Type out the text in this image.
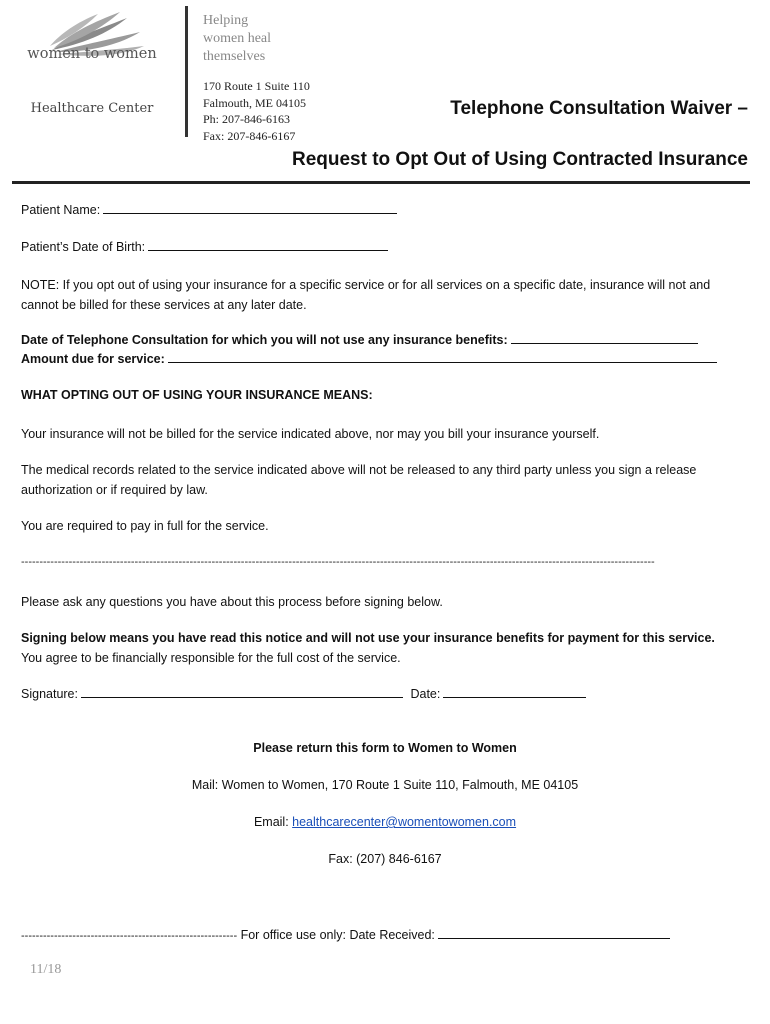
women to women
Healthcare Center
Helping
women heal
themselves
170 Route 1 Suite 110
Falmouth, ME 04105
Ph: 207-846-6163
Fax: 207-846-6167
Telephone Consultation Waiver –
Request to Opt Out of Using Contracted Insurance
Patient Name:
Patient’s Date of Birth:
NOTE: If you opt out of using your insurance for a specific service or for all services on a specific date, insurance will not and cannot be billed for these services at any later date.
Date of Telephone Consultation for which you will not use any insurance benefits:
Amount due for service:
WHAT OPTING OUT OF USING YOUR INSURANCE MEANS:
Your insurance will not be billed for the service indicated above, nor may you bill your insurance yourself.
The medical records related to the service indicated above will not be released to any third party unless you sign a release authorization or if required by law.
You are required to pay in full for the service.
-----------------------------------------------------------------------------------------------------------------------------------------------------------------------------
Please ask any questions you have about this process before signing below.
Signing below means you have read this notice and will not use your insurance benefits for payment for this service. You agree to be financially responsible for the full cost of the service.
Signature:	Date:
Please return this form to Women to Women
Mail: Women to Women, 170 Route 1 Suite 110, Falmouth, ME 04105
Email: healthcarecenter@womentowomen.com
Fax: (207) 846-6167
----------------------------------------------------------- For office use only: Date Received:
11/18
